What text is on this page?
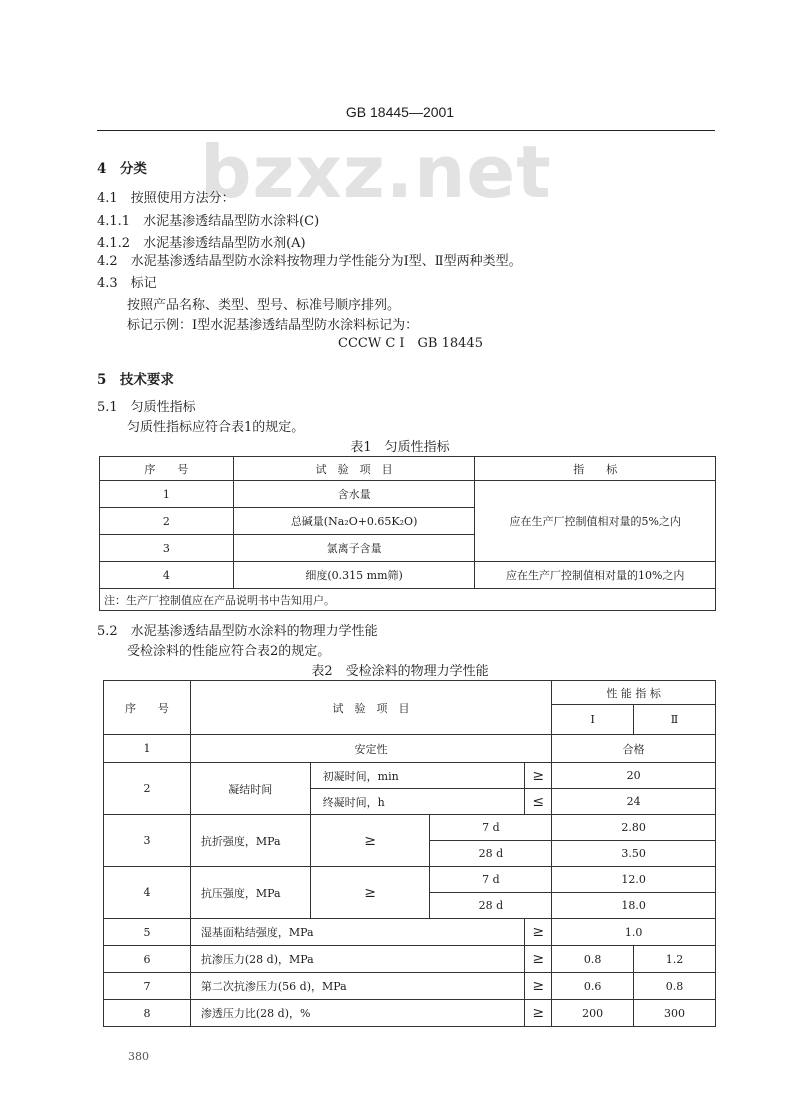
GB 18445—2001
bzxz.net
4　分类
4.1　按照使用方法分：
4.1.1　水泥基渗透结晶型防水涂料(C)
4.1.2　水泥基渗透结晶型防水剂(A)
4.2　水泥基渗透结晶型防水涂料按物理力学性能分为Ⅰ型、Ⅱ型两种类型。
4.3　标记
按照产品名称、类型、型号、标准号顺序排列。
标记示例：Ⅰ型水泥基渗透结晶型防水涂料标记为：
CCCW C Ⅰ　GB 18445
5　技术要求
5.1　匀质性指标
匀质性指标应符合表1的规定。
表1　匀质性指标
序　　号	试　验　项　目	指　　标
1	含水量	应在生产厂控制值相对量的5%之内
2	总碱量(Na₂O+0.65K₂O)	
3	氯离子含量	
4	细度(0.315 mm筛)	应在生产厂控制值相对量的10%之内
注：生产厂控制值应在产品说明书中告知用户。		
5.2　水泥基渗透结晶型防水涂料的物理力学性能
受检涂料的性能应符合表2的规定。
表2　受检涂料的物理力学性能
序　　号	试　验　项　目				性 能 指 标	
					Ⅰ	Ⅱ
1	安定性				合格	
2	凝结时间	初凝时间，min		≥	20	
		终凝时间，h		≤	24	
3	抗折强度，MPa	≥	7 d		2.80	
			28 d		3.50	
4	抗压强度，MPa	≥	7 d		12.0	
			28 d		18.0	
5	湿基面粘结强度，MPa			≥	1.0	
6	抗渗压力(28 d)，MPa			≥	0.8	1.2
7	第二次抗渗压力(56 d)，MPa			≥	0.6	0.8
8	渗透压力比(28 d)，%			≥	200	300
380
